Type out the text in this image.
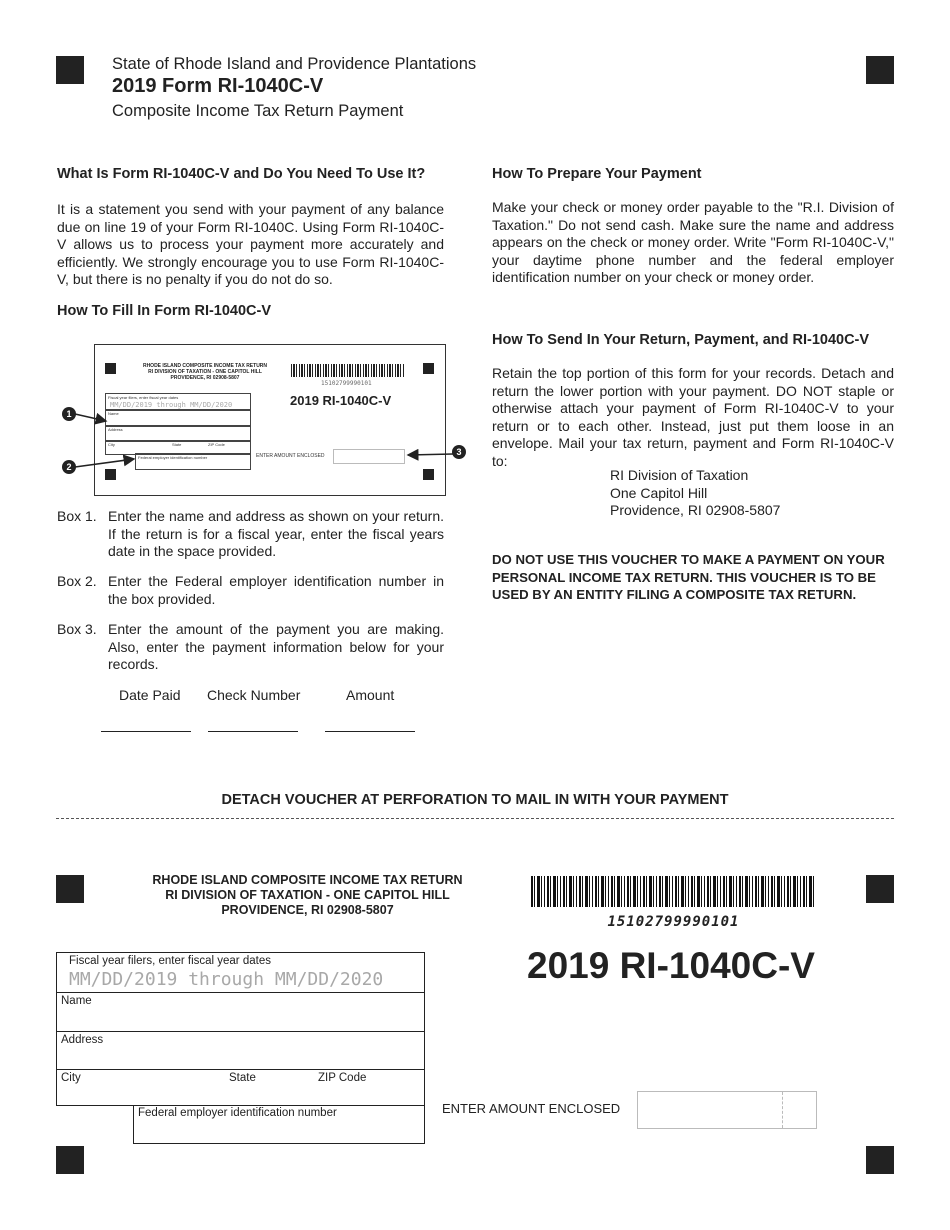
State of Rhode Island and Providence Plantations
2019 Form RI-1040C-V
Composite Income Tax Return Payment
What Is Form RI-1040C-V and Do You Need To Use It?

It is a statement you send with your payment of any balance due on line 19 of your Form RI-1040C. Using Form RI-1040C-V allows us to process your payment more accurately and efficiently. We strongly encourage you to use Form RI-1040C-V, but there is no penalty if you do not do so.

How To Fill In Form RI-1040C-V
RHODE ISLAND COMPOSITE INCOME TAX RETURN
RI DIVISION OF TAXATION - ONE CAPITOL HILL
PROVIDENCE, RI 02908-5807
15102799990101
2019 RI-1040C-V
Fiscal year filers, enter fiscal year dates
MM/DD/2019 through MM/DD/2020
Name
Address
City	State	ZIP Code
Federal employer identification number	ENTER AMOUNT ENCLOSED
1
2
3
Box 1. Enter the name and address as shown on your return. If the return is for a fiscal year, enter the fiscal years date in the space provided.
Box 2. Enter the Federal employer identification number in the box provided.
Box 3. Enter the amount of the payment you are making. Also, enter the payment information below for your records.
Date Paid Check Number	Amount
How To Prepare Your Payment

Make your check or money order payable to the "R.I. Division of Taxation." Do not send cash. Make sure the name and address appears on the check or money order. Write "Form RI-1040C-V," your daytime phone number and the federal employer identification number on your check or money order.

How To Send In Your Return, Payment, and RI-1040C-V

Retain the top portion of this form for your records. Detach and return the lower portion with your payment. DO NOT staple or otherwise attach your payment of Form RI-1040C-V to your return or to each other. Instead, just put them loose in an envelope. Mail your tax return, payment and Form RI-1040C-V to:

RI Division of Taxation
One Capitol Hill
Providence, RI 02908-5807

DO NOT USE THIS VOUCHER TO MAKE A PAYMENT ON YOUR PERSONAL INCOME TAX RETURN. THIS VOUCHER IS TO BE USED BY AN ENTITY FILING A COMPOSITE TAX RETURN.

DETACH VOUCHER AT PERFORATION TO MAIL IN WITH YOUR PAYMENT
RHODE ISLAND COMPOSITE INCOME TAX RETURN
RI DIVISION OF TAXATION - ONE CAPITOL HILL
PROVIDENCE, RI 02908-5807
15102799990101
2019 RI-1040C-V
Fiscal year filers, enter fiscal year dates
MM/DD/2019 through MM/DD/2020
Name
Address
City	State	ZIP Code
Federal employer identification number	ENTER AMOUNT ENCLOSED
